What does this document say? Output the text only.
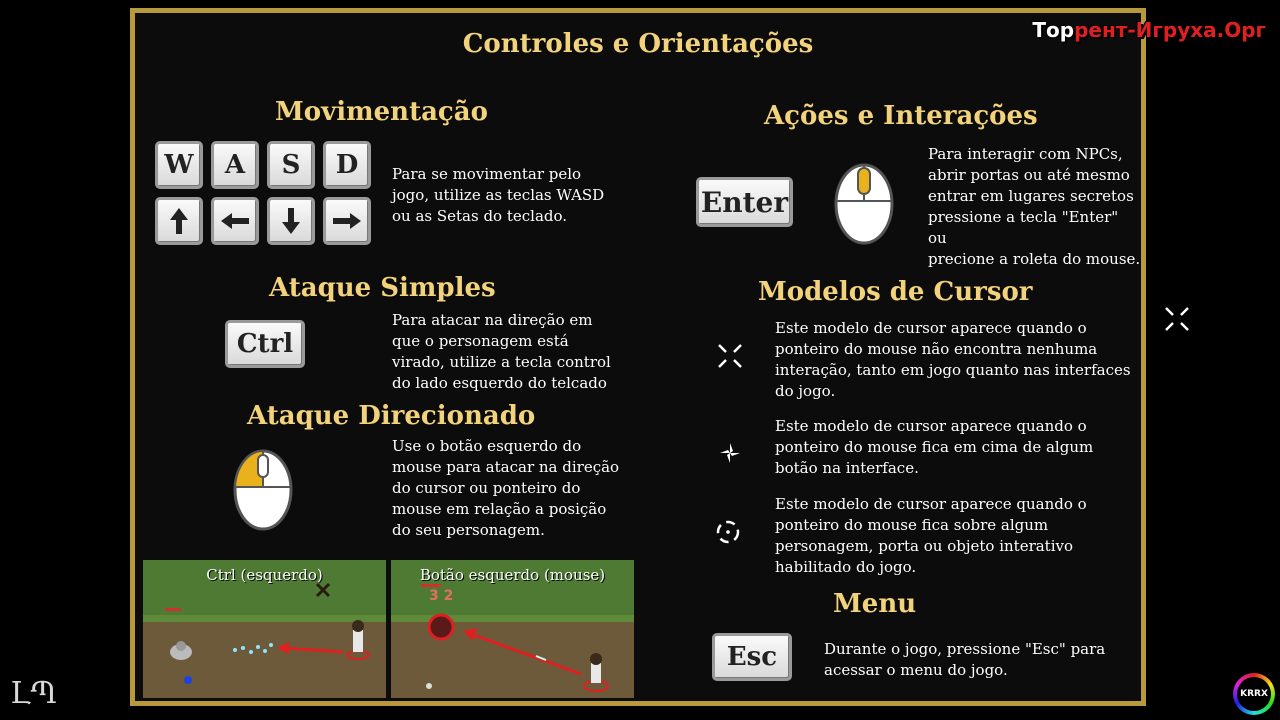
Controles e Orientações
Movimentação
W	A	S	D	Para se movimentar pelo
jogo, utilize as teclas WASD
ou as Setas do teclado.
Ataque Simples
Ctrl
Para atacar na direção em
que o personagem está
virado, utilize a tecla control
do lado esquerdo do telcado
Ataque Direcionado
Use o botão esquerdo do
mouse para atacar na direção
do cursor ou ponteiro do
mouse em relação a posição
do seu personagem.
Ctrl (esquerdo)	Botão esquerdo (mouse)
3 2
Ações e Interações
Enter
Para interagir com NPCs,
abrir portas ou até mesmo
entrar em lugares secretos
pressione a tecla "Enter" ou
precione a roleta do mouse.
Modelos de Cursor
Este modelo de cursor aparece quando o
ponteiro do mouse não encontra nenhuma
interação, tanto em jogo quanto nas interfaces
do jogo.
Este modelo de cursor aparece quando o
ponteiro do mouse fica em cima de algum
botão na interface.
Este modelo de cursor aparece quando o
ponteiro do mouse fica sobre algum
personagem, porta ou objeto interativo
habilitado do jogo.
Menu
Esc	Durante o jogo, pressione "Esc" para
acessar o menu do jogo.
Торрент-Игруха.Орг
ԼՊ	KRRX
